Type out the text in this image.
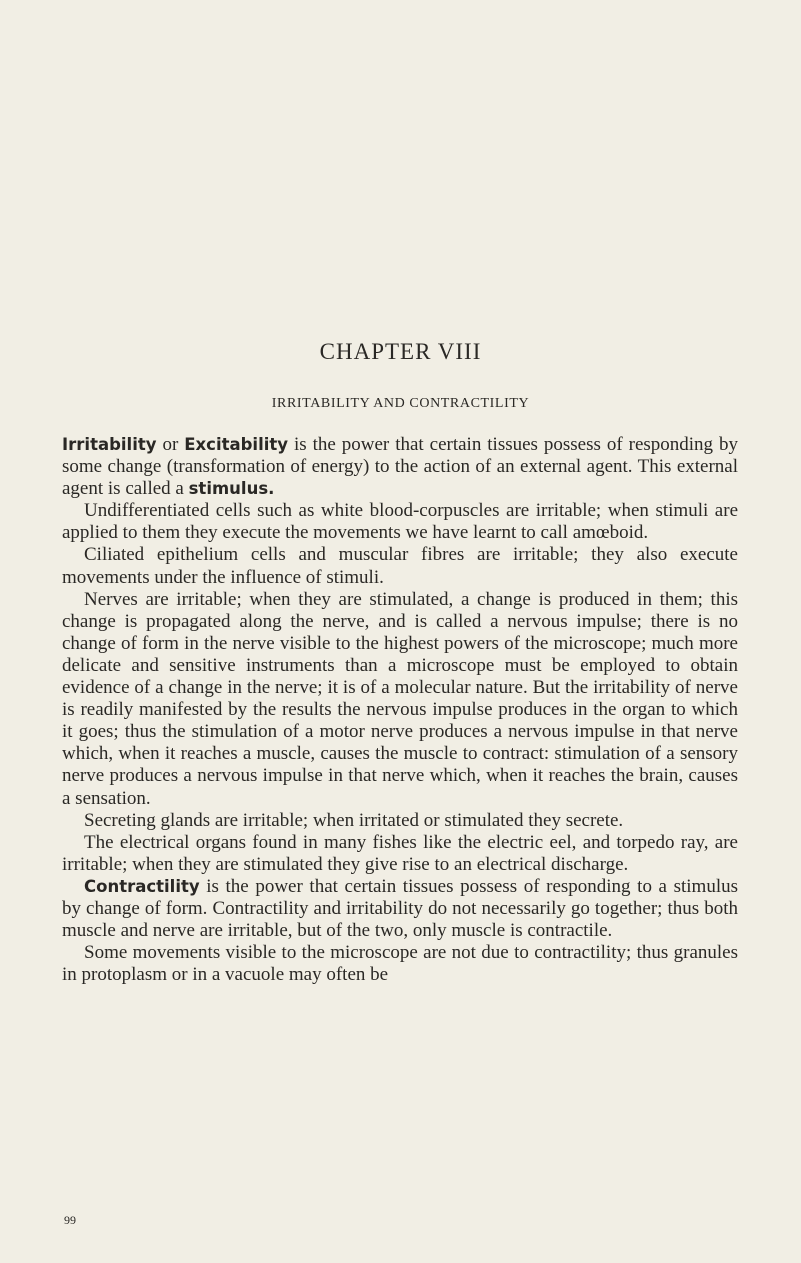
CHAPTER VIII
IRRITABILITY AND CONTRACTILITY

Irritability or Excitability is the power that certain tissues possess of responding by some change (transformation of energy) to the action of an external agent. This external agent is called a stimulus.

Undifferentiated cells such as white blood-corpuscles are irritable; when stimuli are applied to them they execute the movements we have learnt to call amœboid.

Ciliated epithelium cells and muscular fibres are irritable; they also execute movements under the influence of stimuli.

Nerves are irritable; when they are stimulated, a change is produced in them; this change is propagated along the nerve, and is called a nervous impulse; there is no change of form in the nerve visible to the highest powers of the microscope; much more delicate and sensitive instruments than a microscope must be employed to obtain evidence of a change in the nerve; it is of a molecular nature. But the irritability of nerve is readily manifested by the results the nervous impulse produces in the organ to which it goes; thus the stimulation of a motor nerve produces a nervous impulse in that nerve which, when it reaches a muscle, causes the muscle to contract: stimulation of a sensory nerve produces a nervous impulse in that nerve which, when it reaches the brain, causes a sensation.

Secreting glands are irritable; when irritated or stimulated they secrete.

The electrical organs found in many fishes like the electric eel, and torpedo ray, are irritable; when they are stimulated they give rise to an electrical discharge.

Contractility is the power that certain tissues possess of responding to a stimulus by change of form. Contractility and irritability do not necessarily go together; thus both muscle and nerve are irritable, but of the two, only muscle is contractile.

Some movements visible to the microscope are not due to contractility; thus granules in protoplasm or in a vacuole may often be

99
